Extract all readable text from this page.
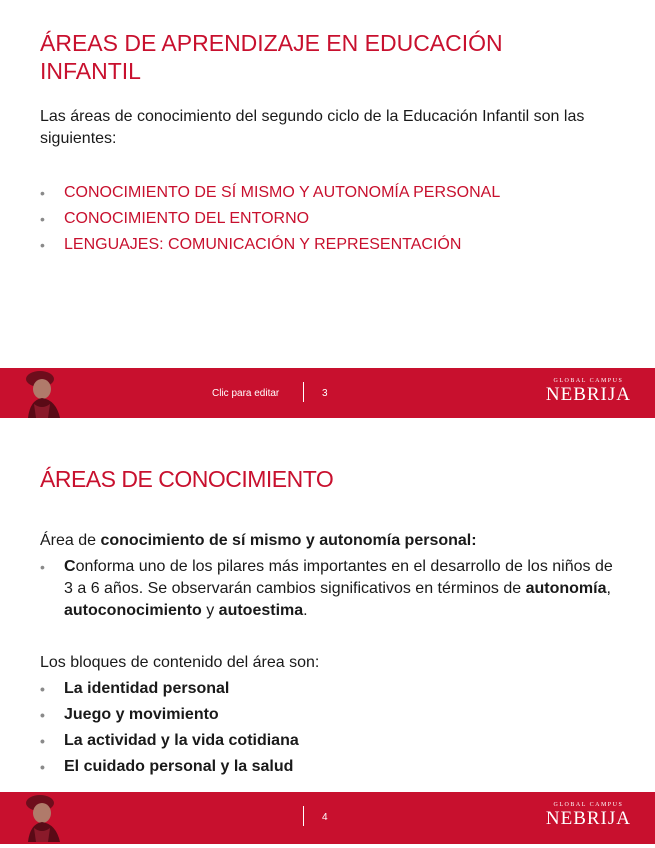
ÁREAS DE APRENDIZAJE EN EDUCACIÓN INFANTIL

Las áreas de conocimiento del segundo ciclo de la Educación Infantil son las siguientes:

• CONOCIMIENTO DE SÍ MISMO Y AUTONOMÍA PERSONAL
• CONOCIMIENTO DEL ENTORNO
• LENGUAJES: COMUNICACIÓN Y REPRESENTACIÓN
Clic para editar	3
GLOBAL CAMPUS
NEBRIJA
ÁREAS DE CONOCIMIENTO

Área de conocimiento de sí mismo y autonomía personal:

• Conforma uno de los pilares más importantes en el desarrollo de los niños de 3 a 6 años. Se observarán cambios significativos en términos de autonomía, autoconocimiento y autoestima.

Los bloques de contenido del área son:

• La identidad personal
• Juego y movimiento
• La actividad y la vida cotidiana
• El cuidado personal y la salud
4
GLOBAL CAMPUS
NEBRIJA
